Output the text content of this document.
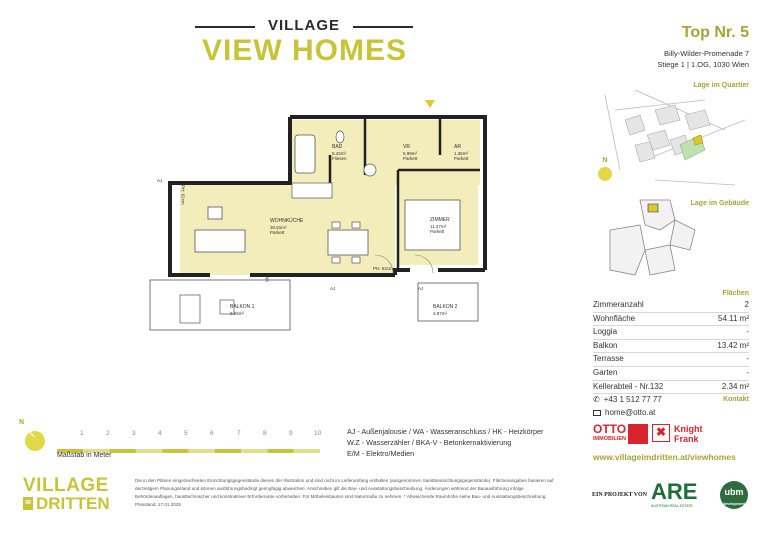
VILLAGE
VIEW HOMES
Top Nr. 5
Billy-Wilder-Promenade 7
Stiege 1 | 1.OG, 1030 Wien
Lage im Quartier
N
Lage im Gebäude
Flächen
Zimmeranzahl	2
Wohnfläche	54.11 m²
Loggia	-
Balkon	13.42 m²
Terrasse	-
Garten	-
Kellerabteil - Nr.132	2.34 m²
Kontakt
✆ +43 1 512 77 77
home@otto.at
OTTO
IMMOBILIEN	✖ Knight
Frank
www.villageimdritten.at/viewhomes
EIN PROJEKT VON ARE
AUSTRIAN REAL ESTATE
ubm
development
VILLAGE
IM DRITTEN
Die in den Plänen eingezeichneten Einrichtungsgegenstände dienen der Illustration und sind nicht im Lieferumfang enthalten (ausgenommen Sanitäreinrichtungsgegenstände). Flächenangaben basieren auf derzeitigem Planungsstand und können ausführungsbedingt geringfügig abweichen. Anschreiben gilt die Bau- und Ausstattungsbeschreibung. Änderungen während der Bauausführung infolge Behördenauflagen, hausttechnischer und konstruktiver Erfordernisse vorbehalten. Für Möbeleinbauten sind Naturmaße zu nehmen. * Abweichende Raumhöhe siehe Bau- und Ausstattungsbeschreibung. Planstand: 17.01.2025
AJ - Außenjalousie / WA - Wasseranschluss / HK - Heizkörper
W.Z - Wasserzähler / BKA-V - Betonkernaktivierung
E/M - Elektro/Medien
N
1	2	3	4	5	6	7	8	9	10
Maßstab in Meter
BAD
5.42m²
Fliesen
VR
5.99m²
Parkett
AR
1.35m²
Parkett
WOHNKÜCHE
30.81m²
Parkett
ZIMMER
11.27m²
Parkett
BALKON 1
9.55m²
BALKON 2
3.87m²
AJ
AJ	AJ
PH: 62cm
PH: 62cm
WA
